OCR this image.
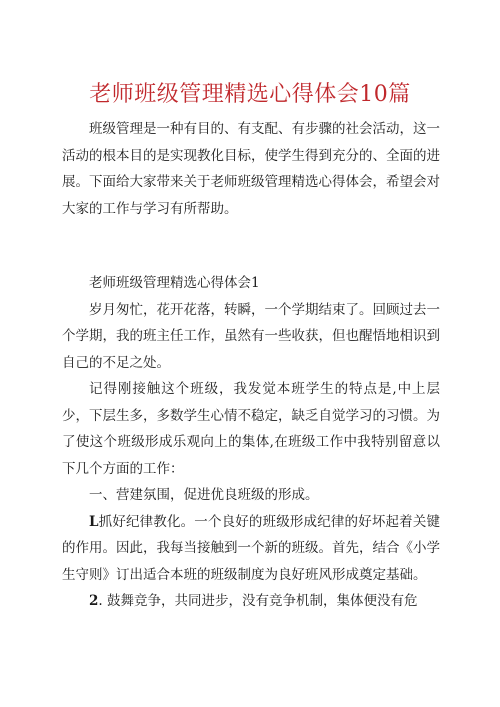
老师班级管理精选心得体会10篇

班级管理是一种有目的、有支配、有步骤的社会活动，这一活动的根本目的是实现教化目标，使学生得到充分的、全面的进展。下面给大家带来关于老师班级管理精选心得体会，希望会对大家的工作与学习有所帮助。

老师班级管理精选心得体会1

岁月匆忙，花开花落，转瞬，一个学期结束了。回顾过去一个学期，我的班主任工作，虽然有一些收获，但也醒悟地相识到自己的不足之处。

记得刚接触这个班级，我发觉本班学生的特点是,中上层少，下层生多，多数学生心情不稳定，缺乏自觉学习的习惯。为了使这个班级形成乐观向上的集体,在班级工作中我特别留意以下几个方面的工作：

一、营建氛围，促进优良班级的形成。

L抓好纪律教化。一个良好的班级形成纪律的好坏起着关键的作用。因此，我每当接触到一个新的班级。首先，结合《小学生守则》订出适合本班的班级制度为良好班风形成奠定基础。

2. 鼓舞竞争，共同进步，没有竞争机制，集体便没有危
